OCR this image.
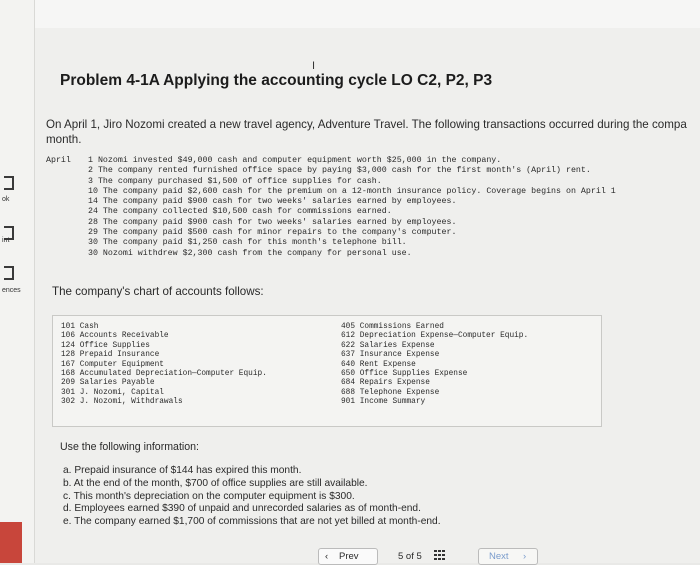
ok
int
ences
I
Problem 4-1A Applying the accounting cycle LO C2, P2, P3
On April 1, Jiro Nozomi created a new travel agency, Adventure Travel. The following transactions occurred during the compa month.

April

1 Nozomi invested $49,000 cash and computer equipment worth $25,000 in the company.
2 The company rented furnished office space by paying $3,000 cash for the first month's (April) rent.
3 The company purchased $1,500 of office supplies for cash.
10 The company paid $2,600 cash for the premium on a 12-month insurance policy. Coverage begins on April 1
14 The company paid $900 cash for two weeks' salaries earned by employees.
24 The company collected $10,500 cash for commissions earned.
28 The company paid $900 cash for two weeks' salaries earned by employees.
29 The company paid $500 cash for minor repairs to the company's computer.
30 The company paid $1,250 cash for this month's telephone bill.
30 Nozomi withdrew $2,300 cash from the company for personal use.

The company's chart of accounts follows:
101 Cash
106 Accounts Receivable
124 Office Supplies
128 Prepaid Insurance
167 Computer Equipment
168 Accumulated Depreciation—Computer Equip.
209 Salaries Payable
301 J. Nozomi, Capital
302 J. Nozomi, Withdrawals
405 Commissions Earned
612 Depreciation Expense—Computer Equip.
622 Salaries Expense
637 Insurance Expense
640 Rent Expense
650 Office Supplies Expense
684 Repairs Expense
688 Telephone Expense
901 Income Summary
Use the following information:
a. Prepaid insurance of $144 has expired this month.
b. At the end of the month, $700 of office supplies are still available.
c. This month's depreciation on the computer equipment is $300.
d. Employees earned $390 of unpaid and unrecorded salaries as of month-end.
e. The company earned $1,700 of commissions that are not yet billed at month-end.
‹ Prev	5 of 5	Next ›
